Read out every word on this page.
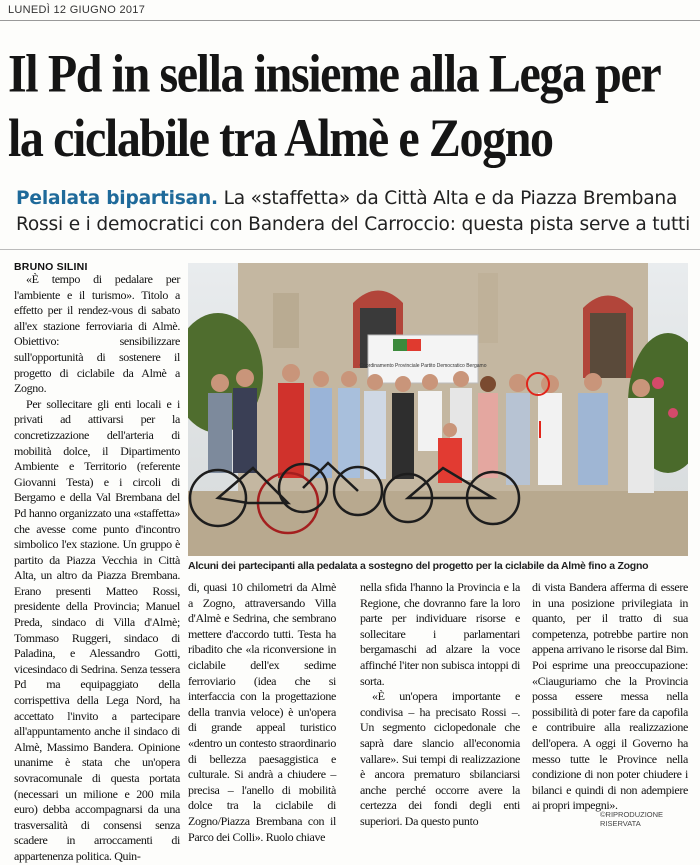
LUNEDÌ 12 GIUGNO 2017
Il Pd in sella insieme alla Lega per la ciclabile tra Almè e Zogno
Pelalata bipartisan. La «staffetta» da Città Alta e da Piazza Brembana Rossi e i democratici con Bandera del Carroccio: questa pista serve a tutti
BRUNO SILINI

«È tempo di pedalare per l'ambiente e il turismo». Titolo a effetto per il rendez-vous di sabato all'ex stazione ferroviaria di Almè. Obiettivo: sensibilizzare sull'opportunità di sostenere il progetto di ciclabile da Almè a Zogno.

Per sollecitare gli enti locali e i privati ad attivarsi per la concretizzazione dell'arteria di mobilità dolce, il Dipartimento Ambiente e Territorio (referente Giovanni Testa) e i circoli di Bergamo e della Val Brembana del Pd hanno organizzato una «staffetta» che avesse come punto d'incontro simbolico l'ex stazione. Un gruppo è partito da Piazza Vecchia in Città Alta, un altro da Piazza Brembana. Erano presenti Matteo Rossi, presidente della Provincia; Manuel Preda, sindaco di Villa d'Almè; Tommaso Ruggeri, sindaco di Paladina, e Alessandro Gotti, vicesindaco di Sedrina. Senza tessera Pd ma equipaggiato della corrispettiva della Lega Nord, ha accettato l'invito a partecipare all'appuntamento anche il sindaco di Almè, Massimo Bandera. Opinione unanime è stata che un'opera sovracomunale di questa portata (necessari un milione e 200 mila euro) debba accompagnarsi da una trasversalità di consensi senza scadere in arroccamenti di appartenenza politica. Quin-

Coordinamento Provinciale Partito Democratico Bergamo
Alcuni dei partecipanti alla pedalata a sostegno del progetto per la ciclabile da Almè fino a Zogno

di, quasi 10 chilometri da Almè a Zogno, attraversando Villa d'Almè e Sedrina, che sembrano mettere d'accordo tutti. Testa ha ribadito che «la riconversione in ciclabile dell'ex sedime ferroviario (idea che si interfaccia con la progettazione della tranvia veloce) è un'opera di grande appeal turistico «dentro un contesto straordinario di bellezza paesaggistica e culturale. Si andrà a chiudere – precisa – l'anello di mobilità dolce tra la ciclabile di Zogno/Piazza Brembana con il Parco dei Colli». Ruolo chiave

nella sfida l'hanno la Provincia e la Regione, che dovranno fare la loro parte per individuare risorse e sollecitare i parlamentari bergamaschi ad alzare la voce affinché l'iter non subisca intoppi di sorta.

«È un'opera importante e condivisa – ha precisato Rossi –. Un segmento ciclopedonale che saprà dare slancio all'economia vallare». Sui tempi di realizzazione è ancora prematuro sbilanciarsi anche perché occorre avere la certezza dei fondi degli enti superiori. Da questo punto

di vista Bandera afferma di essere in una posizione privilegiata in quanto, per il tratto di sua competenza, potrebbe partire non appena arrivano le risorse dal Bim. Poi esprime una preoccupazione: «Ciauguriamo che la Provincia possa essere messa nella possibilità di poter fare da capofila e contribuire alla realizzazione dell'opera. A oggi il Governo ha messo tutte le Province nella condizione di non poter chiudere i bilanci e quindi di non adempiere ai propri impegni».

©RIPRODUZIONE RISERVATA
